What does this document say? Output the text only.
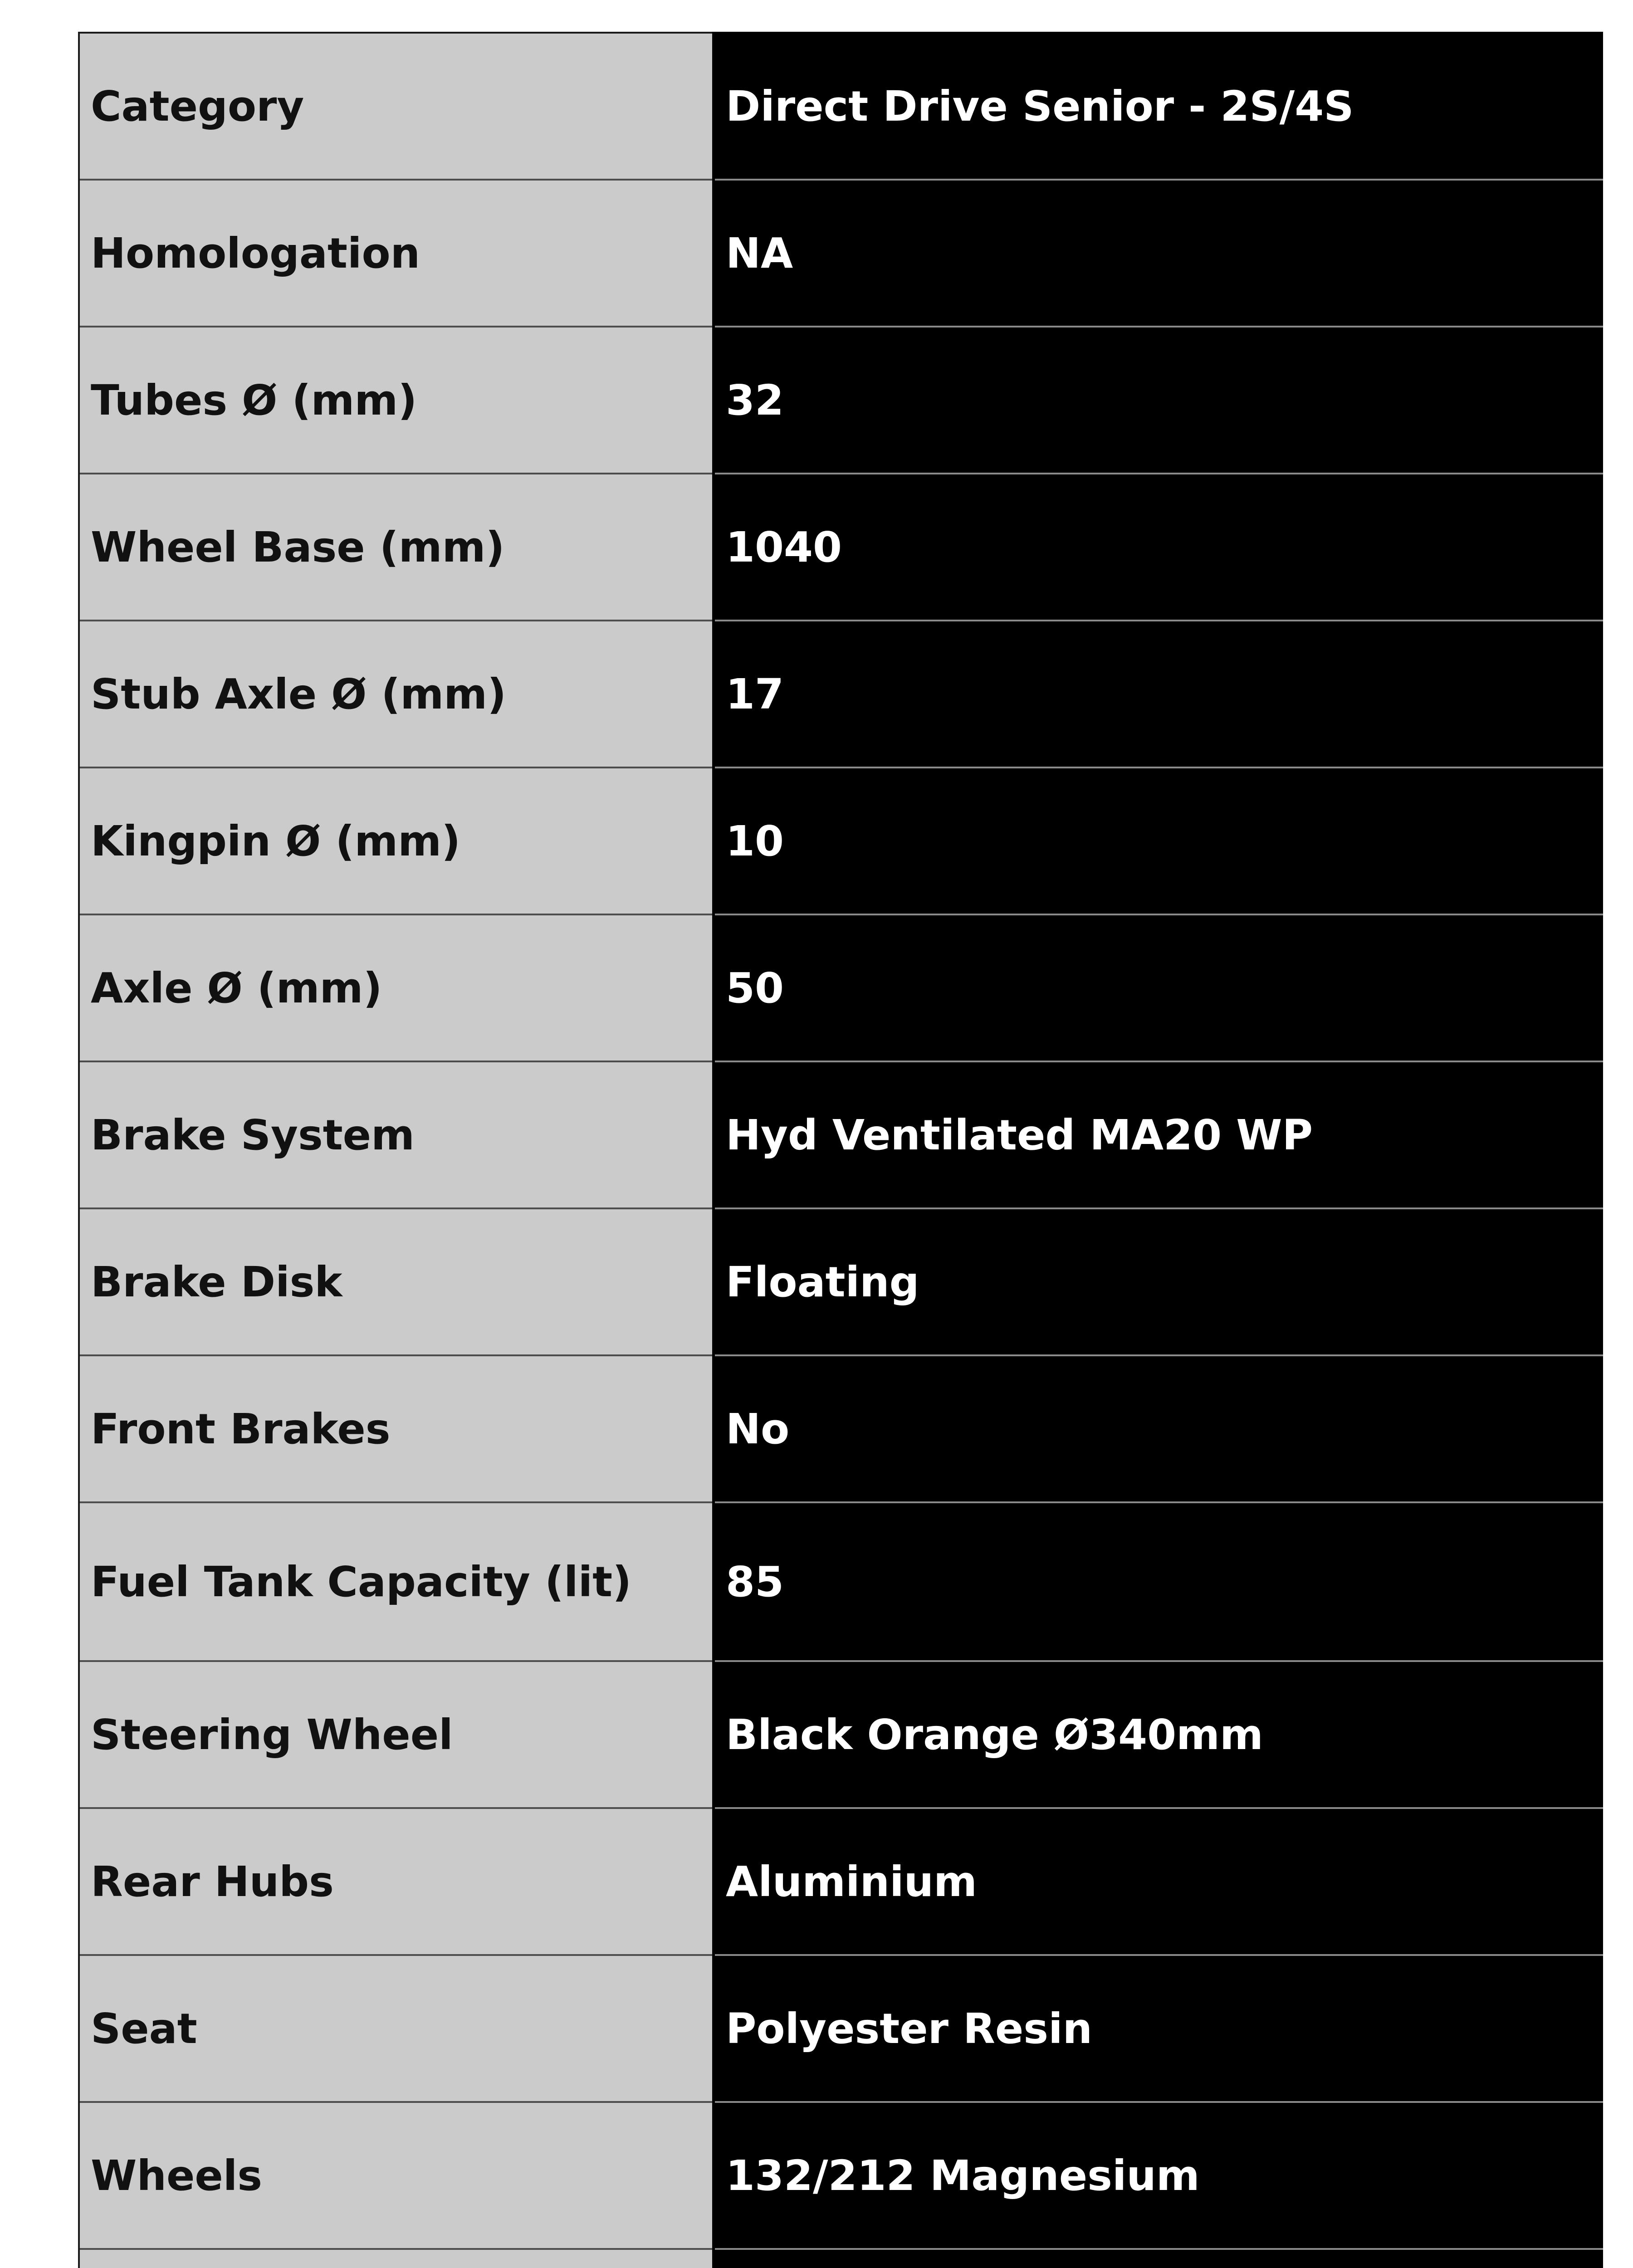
Category	Direct Drive Senior - 2S/4S
Homologation	NA
Tubes Ø (mm)	32
Wheel Base (mm)	1040
Stub Axle Ø (mm)	17
Kingpin Ø (mm)	10
Axle Ø (mm)	50
Brake System	Hyd Ventilated MA20 WP
Brake Disk	Floating
Front Brakes	No
Fuel Tank Capacity (lit)	85
Steering Wheel	Black Orange Ø340mm
Rear Hubs	Aluminium
Seat	Polyester Resin
Wheels	132/212 Magnesium
